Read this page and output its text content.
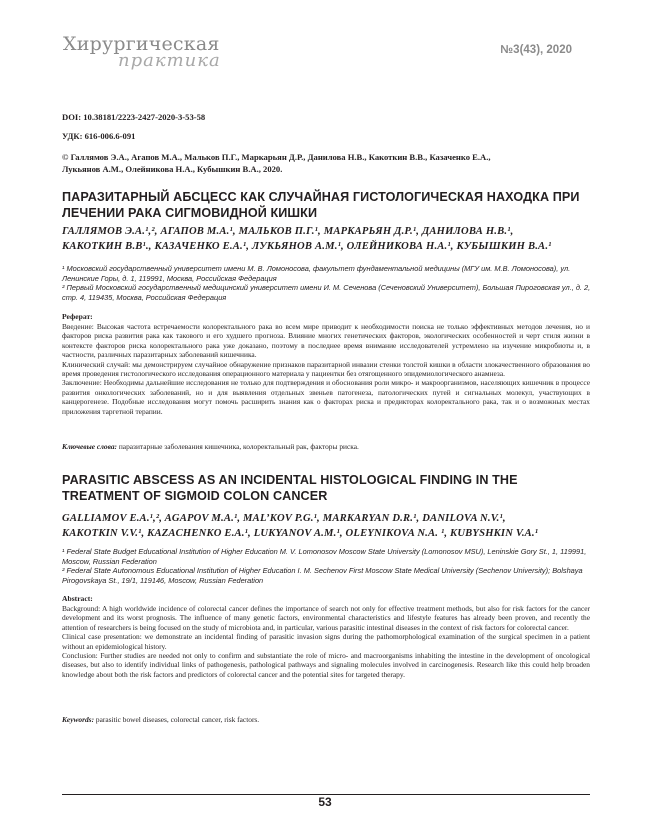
Хирургическая
практика	№3(43), 2020
DOI: 10.38181/2223-2427-2020-3-53-58
УДК: 616-006.6-091
© Галлямов Э.А., Агапов М.А., Мальков П.Г., Маркарьян Д.Р., Данилова Н.В., Какоткин В.В., Казаченко Е.А.,
Лукьянов А.М., Олейникова Н.А., Кубышкин В.А., 2020.
ПАРАЗИТАРНЫЙ АБСЦЕСС КАК СЛУЧАЙНАЯ ГИСТОЛОГИЧЕСКАЯ НАХОДКА ПРИ ЛЕЧЕНИИ РАКА СИГМОВИДНОЙ КИШКИ
ГАЛЛЯМОВ Э.А.¹,², АГАПОВ М.А.¹, МАЛЬКОВ П.Г.¹, МАРКАРЬЯН Д.Р.¹, ДАНИЛОВА Н.В.¹,
КАКОТКИН В.В¹., КАЗАЧЕНКО Е.А.¹, ЛУКЬЯНОВ А.М.¹, ОЛЕЙНИКОВА Н.А.¹, КУБЫШКИН В.А.¹
¹ Московский государственный университет имени М. В. Ломоносова, факультет фундаментальной медицины (МГУ им. М.В. Ломоносова), ул. Ленинские Горы, д. 1, 119991, Москва, Российская Федерация
² Первый Московский государственный медицинский университет имени И. М. Сеченова (Сеченовский Университет), Большая Пироговская ул., д. 2, стр. 4, 119435, Москва, Российская Федерация
Реферат:

Введение: Высокая частота встречаемости колоректального рака во всем мире приводит к необходимости поиска не только эффективных методов лечения, но и факторов риска развития рака как такового и его худшего прогноза. Влияние многих генетических факторов, экологических особенностей и черт стиля жизни в контексте факторов риска колоректального рака уже доказано, поэтому в последнее время внимание исследователей устремлено на изучение микробиоты и, в частности, различных паразитарных заболеваний кишечника.

Клинический случай: мы демонстрируем случайное обнаружение признаков паразитарной инвазии стенки толстой кишки в области злокачественного образования во время проведения гистологического исследования операционного материала у пациентки без отягощенного эпидемиологического анамнеза.

Заключение: Необходимы дальнейшие исследования не только для подтверждения и обоснования роли микро- и макроорганизмов, населяющих кишечник в процессе развития онкологических заболеваний, но и для выявления отдельных звеньев патогенеза, патологических путей и сигнальных молекул, участвующих в канцерогенезе. Подобные исследования могут помочь расширить знания как о факторах риска и предикторах колоректального рака, так и о возможных местах приложения таргетной терапии.

Ключевые слова: паразитарные заболевания кишечника, колоректальный рак, факторы риска.
PARASITIC ABSCESS AS AN INCIDENTAL HISTOLOGICAL FINDING IN THE TREATMENT OF SIGMOID COLON CANCER
GALLIAMOV E.A.¹,², AGAPOV M.A.¹, MAL’KOV P.G.¹, MARKARYAN D.R.¹, DANILOVA N.V.¹,
KAKOTKIN V.V.¹, KAZACHENKO E.A.¹, LUKYANOV A.M.¹, OLEYNIKOVA N.A. ¹, KUBYSHKIN V.A.¹
¹ Federal State Budget Educational Institution of Higher Education M. V. Lomonosov Moscow State University (Lomonosov MSU), Leninskie Gory St., 1, 119991, Moscow, Russian Federation
² Federal State Autonomous Educational Institution of Higher Education I. M. Sechenov First Moscow State Medical University (Sechenov University); Bolshaya Pirogovskaya St., 19/1, 119146, Moscow, Russian Federation
Abstract:

Background: A high worldwide incidence of colorectal cancer defines the importance of search not only for effective treatment methods, but also for risk factors for the cancer development and its worst prognosis. The influence of many genetic factors, environmental characteristics and lifestyle features has already been proven, and recently the attention of researchers is being focused on the study of microbiota and, in particular, various parasitic intestinal diseases in the context of risk factors for colorectal cancer.

Clinical case presentation: we demonstrate an incidental finding of parasitic invasion signs during the pathomorphological examination of the surgical specimen in a patient without an epidemiological history.

Conclusion: Further studies are needed not only to confirm and substantiate the role of micro- and macroorganisms inhabiting the intestine in the development of oncological diseases, but also to identify individual links of pathogenesis, pathological pathways and signaling molecules involved in carcinogenesis. Research like this could help broaden knowledge about both the risk factors and predictors of colorectal cancer and the potential sites for targeted therapy.

Keywords: parasitic bowel diseases, colorectal cancer, risk factors.
53
